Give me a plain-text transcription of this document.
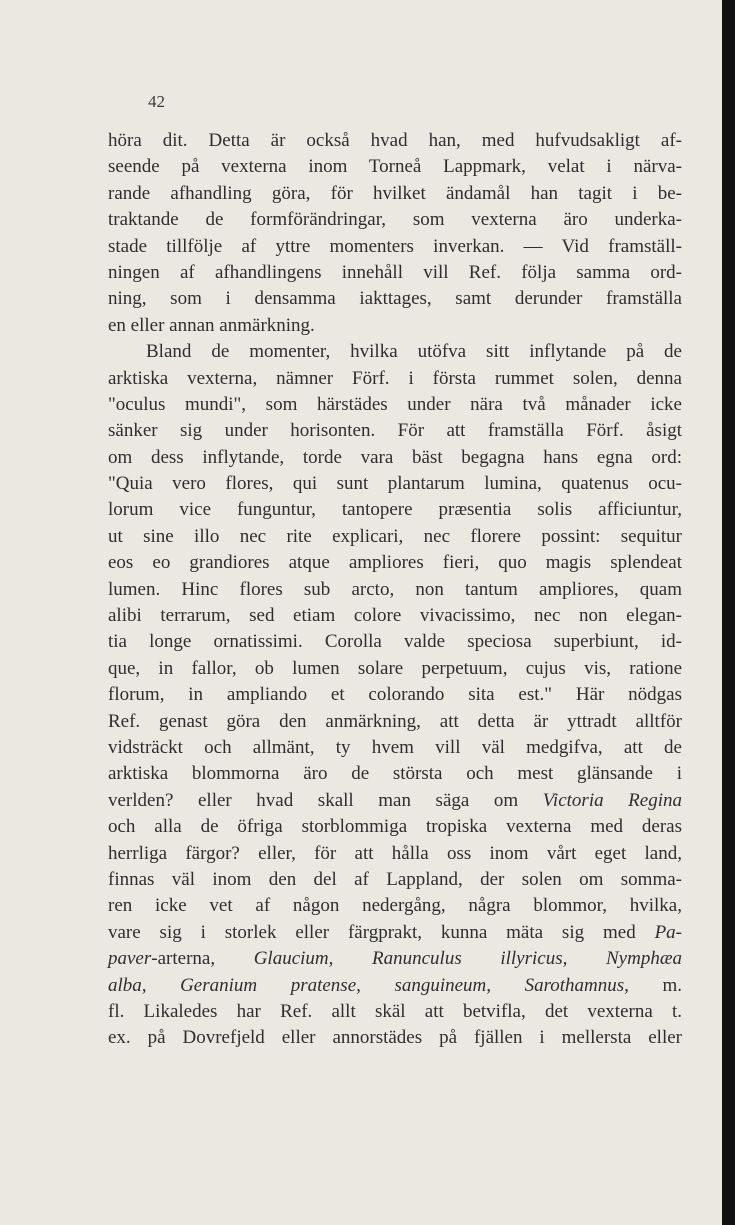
42
höra dit. Detta är också hvad han, med hufvudsakligt af-
seende på vexterna inom Torneå Lappmark, velat i närva-
rande afhandling göra, för hvilket ändamål han tagit i be-
traktande de formförändringar, som vexterna äro underka-
stade tillfölje af yttre momenters inverkan. — Vid framställ-
ningen af afhandlingens innehåll vill Ref. följa samma ord-
ning, som i densamma iakttages, samt derunder framställa
en eller annan anmärkning.
Bland de momenter, hvilka utöfva sitt inflytande på de
arktiska vexterna, nämner Förf. i första rummet solen, denna
"oculus mundi", som härstädes under nära två månader icke
sänker sig under horisonten. För att framställa Förf. åsigt
om dess inflytande, torde vara bäst begagna hans egna ord:
"Quia vero flores, qui sunt plantarum lumina, quatenus ocu-
lorum vice funguntur, tantopere præsentia solis afficiuntur,
ut sine illo nec rite explicari, nec florere possint: sequitur
eos eo grandiores atque ampliores fieri, quo magis splendeat
lumen. Hinc flores sub arcto, non tantum ampliores, quam
alibi terrarum, sed etiam colore vivacissimo, nec non elegan-
tia longe ornatissimi. Corolla valde speciosa superbiunt, id-
que, in fallor, ob lumen solare perpetuum, cujus vis, ratione
florum, in ampliando et colorando sita est." Här nödgas
Ref. genast göra den anmärkning, att detta är yttradt alltför
vidsträckt och allmänt, ty hvem vill väl medgifva, att de
arktiska blommorna äro de största och mest glänsande i
verlden? eller hvad skall man säga om Victoria Regina
och alla de öfriga storblommiga tropiska vexterna med deras
herrliga färgor? eller, för att hålla oss inom vårt eget land,
finnas väl inom den del af Lappland, der solen om somma-
ren icke vet af någon nedergång, några blommor, hvilka,
vare sig i storlek eller färgprakt, kunna mäta sig med Pa-
paver-arterna, Glaucium, Ranunculus illyricus, Nymphæa
alba, Geranium pratense, sanguineum, Sarothamnus, m.
fl. Likaledes har Ref. allt skäl att betvifla, det vexterna t.
ex. på Dovrefjeld eller annorstädes på fjällen i mellersta eller
